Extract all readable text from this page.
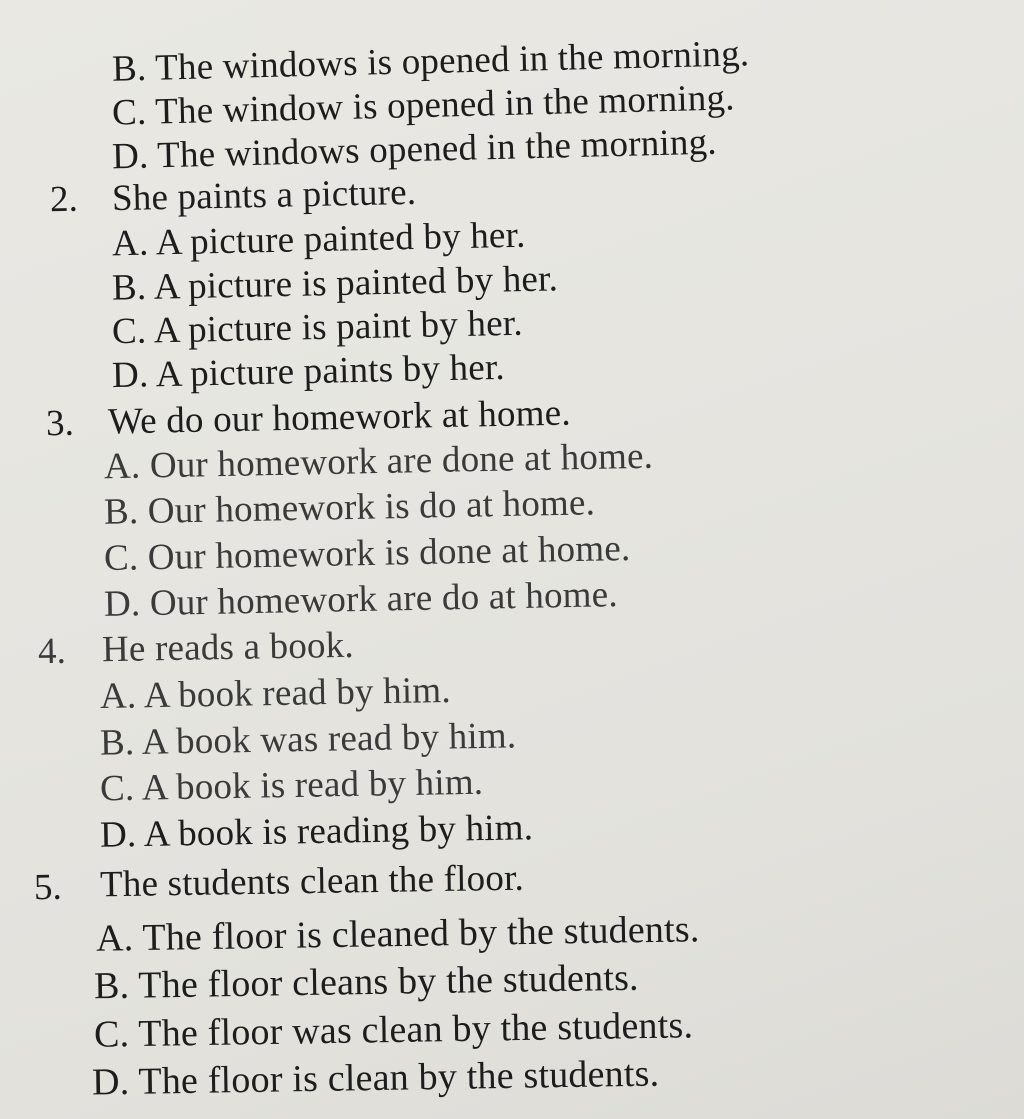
B. The windows is opened in the morning.
C. The window is opened in the morning.
D. The windows opened in the morning.
2. She paints a picture.
A. A picture painted by her.
B. A picture is painted by her.
C. A picture is paint by her.
D. A picture paints by her.
3. We do our homework at home.
A. Our homework are done at home.
B. Our homework is do at home.
C. Our homework is done at home.
D. Our homework are do at home.
4. He reads a book.
A. A book read by him.
B. A book was read by him.
C. A book is read by him.
D. A book is reading by him.
5. The students clean the floor.
A. The floor is cleaned by the students.
B. The floor cleans by the students.
C. The floor was clean by the students.
D. The floor is clean by the students.
